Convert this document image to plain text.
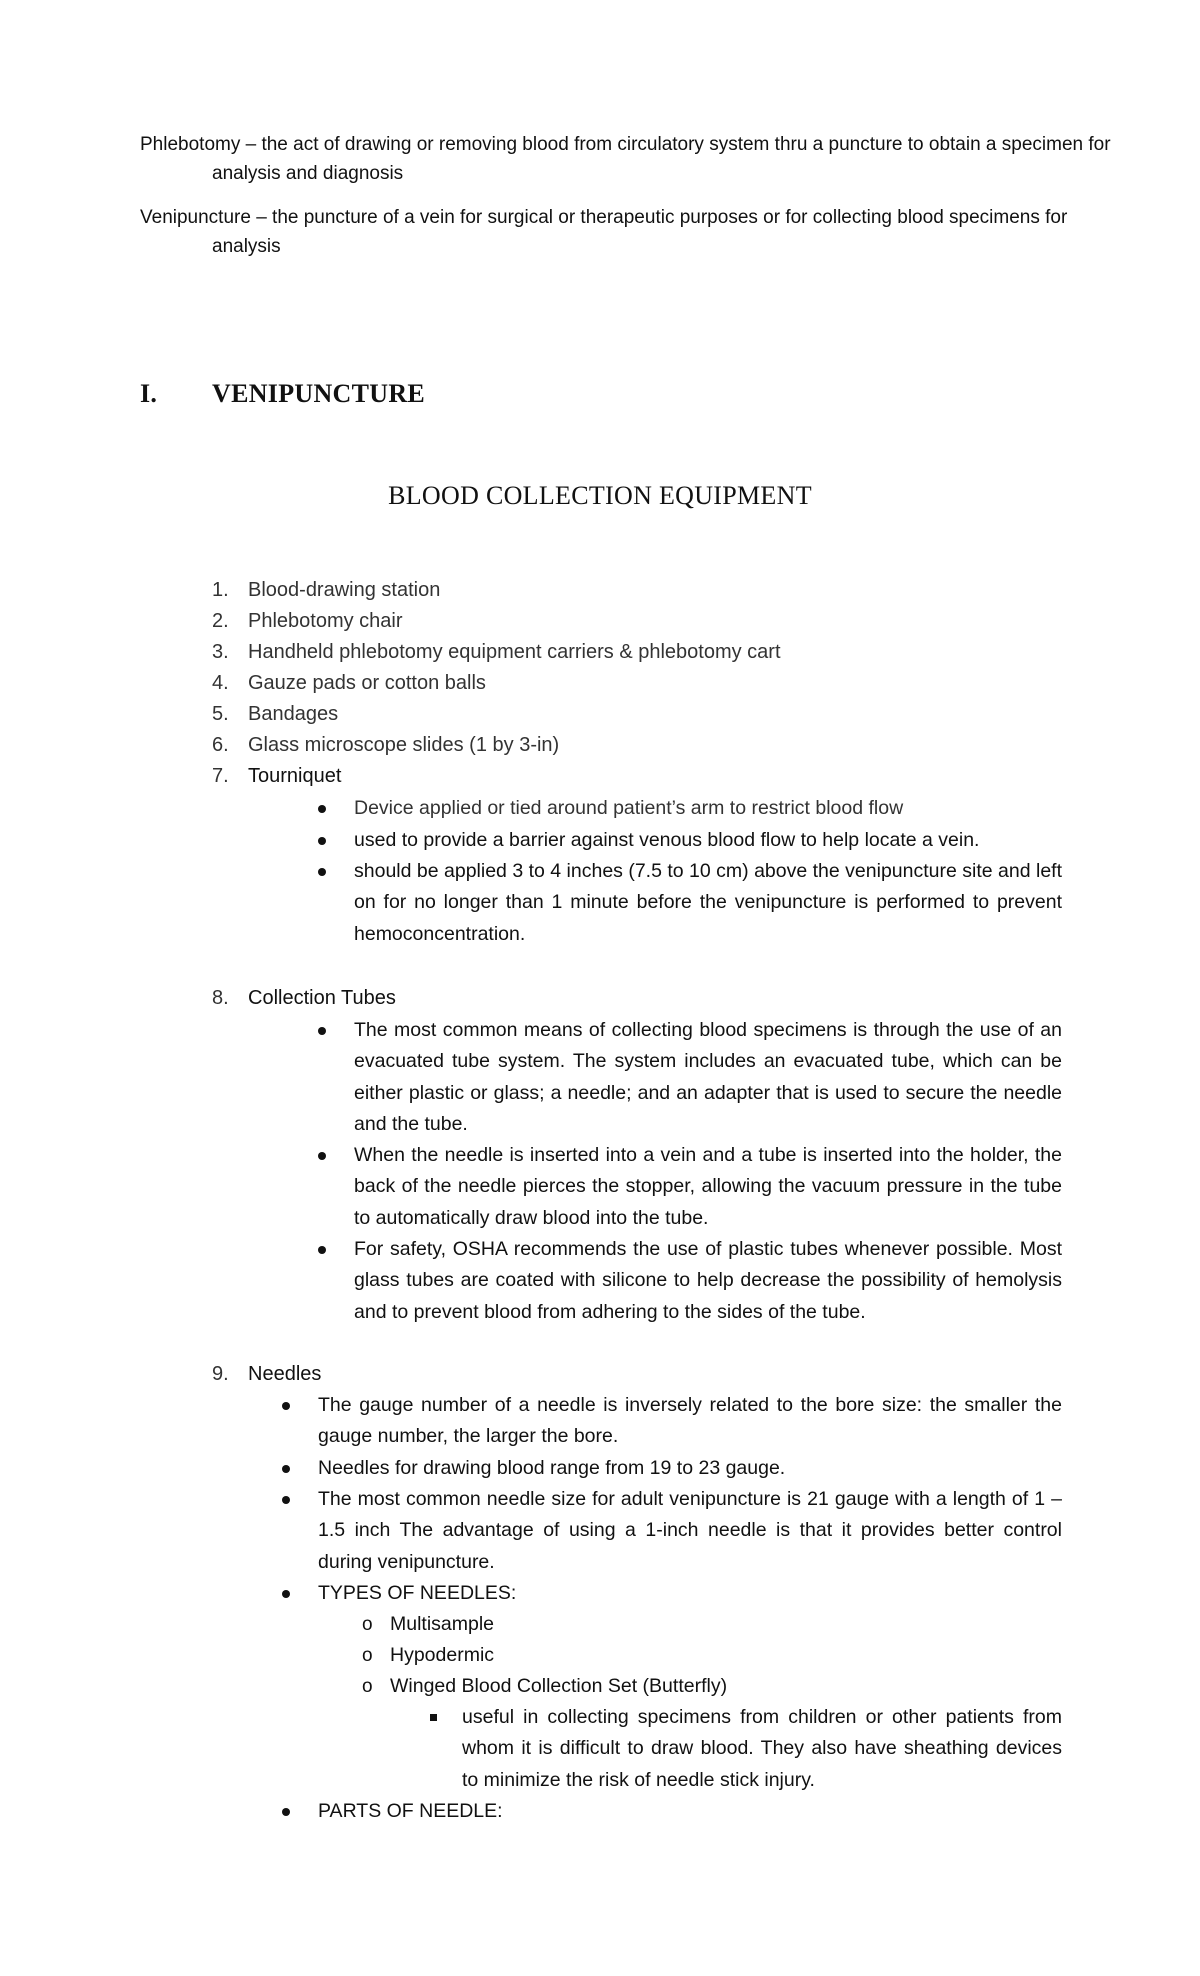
Phlebotomy – the act of drawing or removing blood from circulatory system thru a puncture to obtain a specimen for analysis and diagnosis

Venipuncture – the puncture of a vein for surgical or therapeutic purposes or for collecting blood specimens for analysis

I. VENIPUNCTURE
BLOOD COLLECTION EQUIPMENT
1. Blood-drawing station
2. Phlebotomy chair
3. Handheld phlebotomy equipment carriers & phlebotomy cart
4. Gauze pads or cotton balls
5. Bandages
6. Glass microscope slides (1 by 3-in)
7. Tourniquet
Device applied or tied around patient’s arm to restrict blood flow
used to provide a barrier against venous blood flow to help locate a vein.
should be applied 3 to 4 inches (7.5 to 10 cm) above the venipuncture site and left on for no longer than 1 minute before the venipuncture is performed to prevent hemoconcentration.
8. Collection Tubes
The most common means of collecting blood specimens is through the use of an evacuated tube system. The system includes an evacuated tube, which can be either plastic or glass; a needle; and an adapter that is used to secure the needle and the tube.
When the needle is inserted into a vein and a tube is inserted into the holder, the back of the needle pierces the stopper, allowing the vacuum pressure in the tube to automatically draw blood into the tube.
For safety, OSHA recommends the use of plastic tubes whenever possible. Most glass tubes are coated with silicone to help decrease the possibility of hemolysis and to prevent blood from adhering to the sides of the tube.
9. Needles
The gauge number of a needle is inversely related to the bore size: the smaller the gauge number, the larger the bore.
Needles for drawing blood range from 19 to 23 gauge.
The most common needle size for adult venipuncture is 21 gauge with a length of 1 – 1.5 inch The advantage of using a 1-inch needle is that it provides better control during venipuncture.
TYPES OF NEEDLES:
o Multisample
o Hypodermic
o Winged Blood Collection Set (Butterfly)
useful in collecting specimens from children or other patients from whom it is difficult to draw blood. They also have sheathing devices to minimize the risk of needle stick injury.
PARTS OF NEEDLE:
